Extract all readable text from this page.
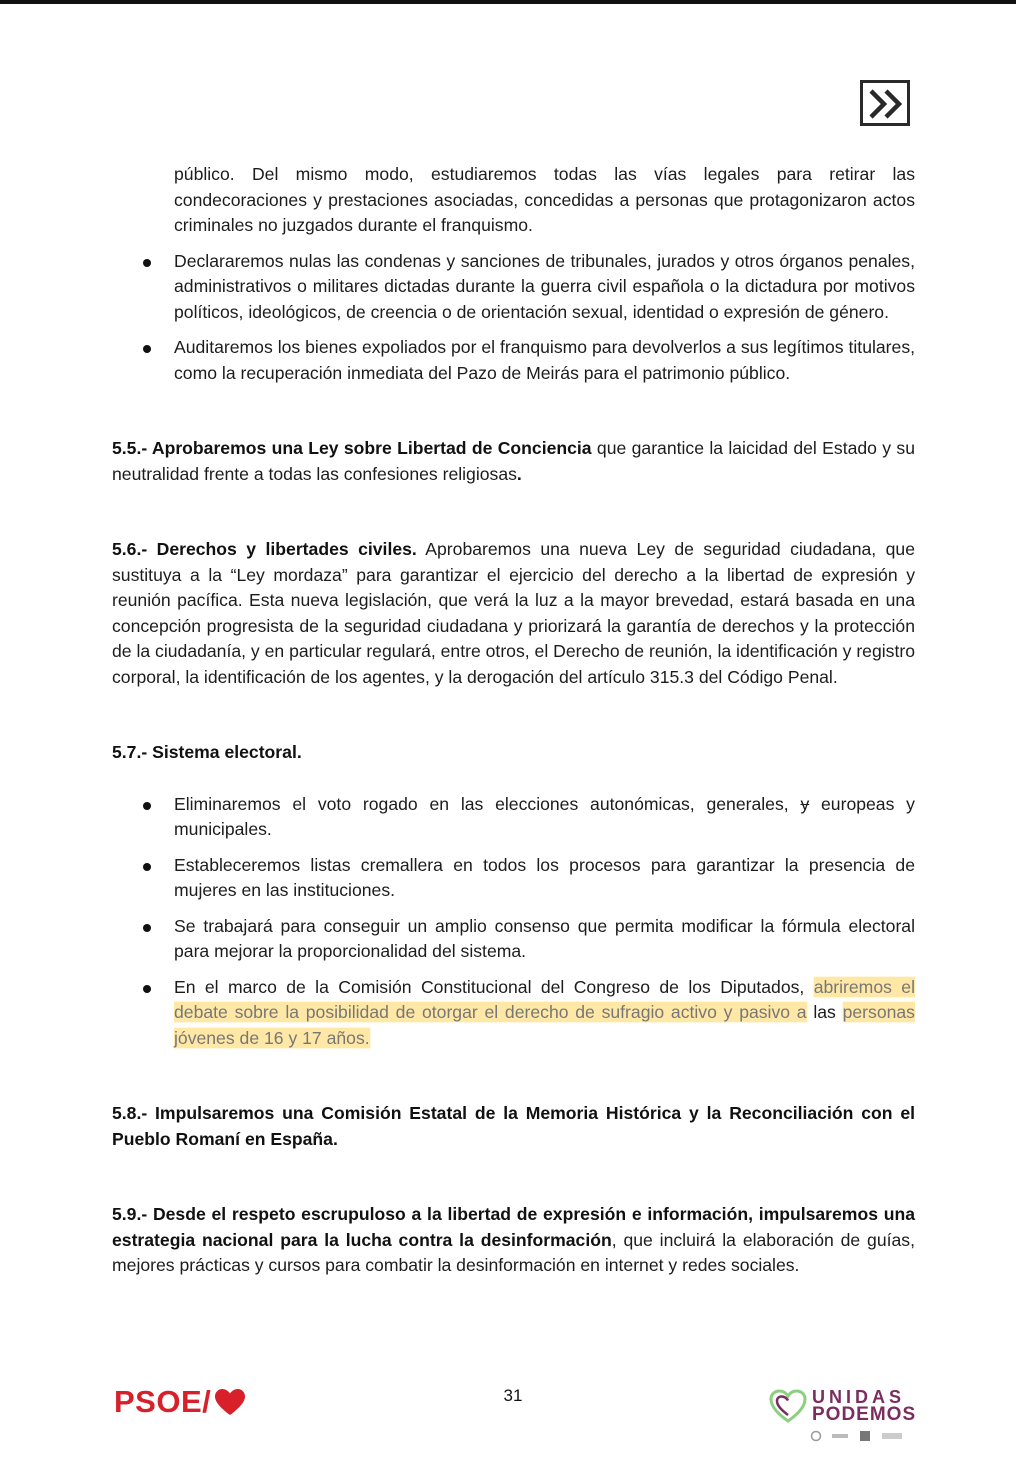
público. Del mismo modo, estudiaremos todas las vías legales para retirar las condecoraciones y prestaciones asociadas, concedidas a personas que protagonizaron actos criminales no juzgados durante el franquismo.

Declararemos nulas las condenas y sanciones de tribunales, jurados y otros órganos penales, administrativos o militares dictadas durante la guerra civil española o la dictadura por motivos políticos, ideológicos, de creencia o de orientación sexual, identidad o expresión de género.
Auditaremos los bienes expoliados por el franquismo para devolverlos a sus legítimos titulares, como la recuperación inmediata del Pazo de Meirás para el patrimonio público.

5.5.- Aprobaremos una Ley sobre Libertad de Conciencia que garantice la laicidad del Estado y su neutralidad frente a todas las confesiones religiosas.

5.6.- Derechos y libertades civiles. Aprobaremos una nueva Ley de seguridad ciudadana, que sustituya a la “Ley mordaza” para garantizar el ejercicio del derecho a la libertad de expresión y reunión pacífica. Esta nueva legislación, que verá la luz a la mayor brevedad, estará basada en una concepción progresista de la seguridad ciudadana y priorizará la garantía de derechos y la protección de la ciudadanía, y en particular regulará, entre otros, el Derecho de reunión, la identificación y registro corporal, la identificación de los agentes, y la derogación del artículo 315.3 del Código Penal.

5.7.- Sistema electoral.

Eliminaremos el voto rogado en las elecciones autonómicas, generales, y europeas y municipales.
Estableceremos listas cremallera en todos los procesos para garantizar la presencia de mujeres en las instituciones.
Se trabajará para conseguir un amplio consenso que permita modificar la fórmula electoral para mejorar la proporcionalidad del sistema.
En el marco de la Comisión Constitucional del Congreso de los Diputados, abriremos el debate sobre la posibilidad de otorgar el derecho de sufragio activo y pasivo a las personas jóvenes de 16 y 17 años.

5.8.- Impulsaremos una Comisión Estatal de la Memoria Histórica y la Reconciliación con el Pueblo Romaní en España.

5.9.- Desde el respeto escrupuloso a la libertad de expresión e información, impulsaremos una estrategia nacional para la lucha contra la desinformación, que incluirá la elaboración de guías, mejores prácticas y cursos para combatir la desinformación en internet y redes sociales.

PSOE/	31	UNIDAS
PODEMOS
